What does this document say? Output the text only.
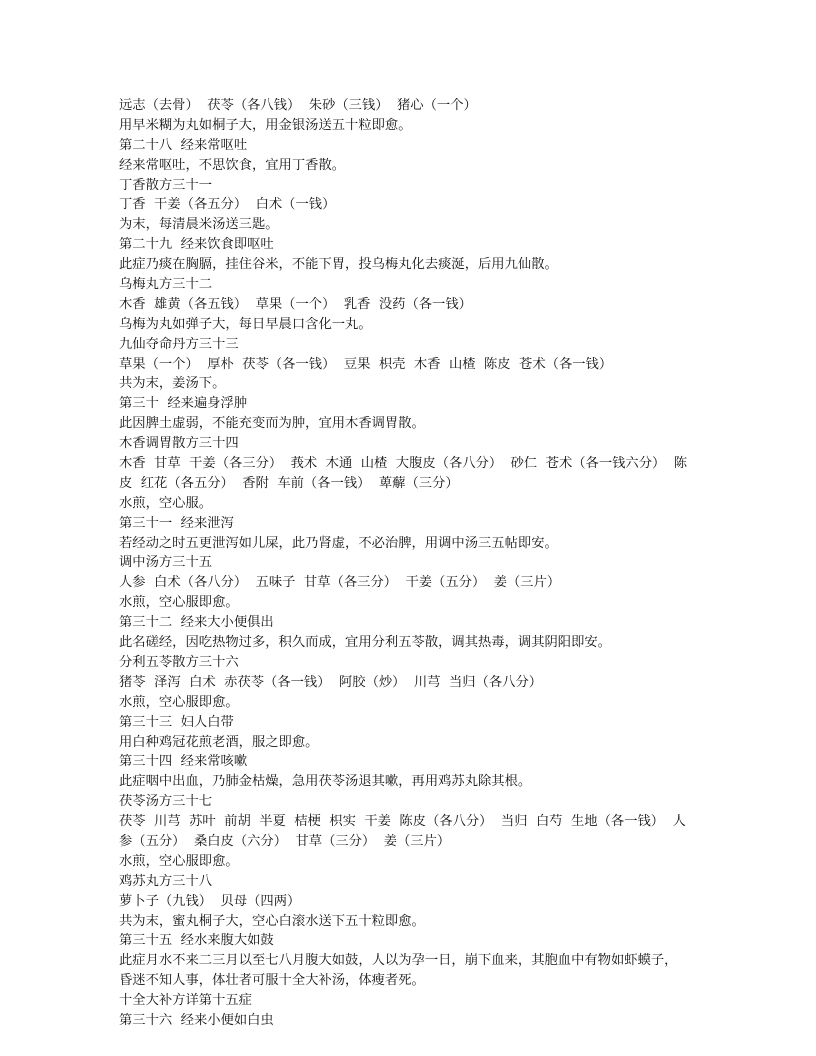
远志（去骨）  茯苓（各八钱）  朱砂（三钱）  猪心（一个）
用早米糊为丸如桐子大，用金银汤送五十粒即愈。
第二十八  经来常呕吐
经来常呕吐，不思饮食，宜用丁香散。
丁香散方三十一
丁香  干姜（各五分）  白术（一钱）
为末，每清晨米汤送三匙。
第二十九  经来饮食即呕吐
此症乃痰在胸膈，挂住谷米，不能下胃，投乌梅丸化去痰涎，后用九仙散。
乌梅丸方三十二
木香  雄黄（各五钱）  草果（一个）  乳香  没药（各一钱）
乌梅为丸如弹子大，每日早晨口含化一丸。
九仙夺命丹方三十三
草果（一个）  厚朴  茯苓（各一钱）  豆果  枳壳  木香  山楂  陈皮  苍术（各一钱）
共为末，姜汤下。
第三十  经来遍身浮肿
此因脾土虚弱，不能充变而为肿，宜用木香调胃散。
木香调胃散方三十四
木香  甘草  干姜（各三分）  莪术  木通  山楂  大腹皮（各八分）  砂仁  苍术（各一钱六分）  陈
皮  红花（各五分）  香附  车前（各一钱）  萆薢（三分）
水煎，空心服。
第三十一  经来泄泻
若经动之时五更泄泻如儿屎，此乃肾虚，不必治脾，用调中汤三五帖即安。
调中汤方三十五
人参  白术（各八分）  五味子  甘草（各三分）  干姜（五分）  姜（三片）
水煎，空心服即愈。
第三十二  经来大小便俱出
此名磋经，因吃热物过多，积久而成，宜用分利五苓散，调其热毒，调其阴阳即安。
分利五苓散方三十六
猪苓  泽泻  白术  赤茯苓（各一钱）  阿胶（炒）  川芎  当归（各八分）
水煎，空心服即愈。
第三十三  妇人白带
用白种鸡冠花煎老酒，服之即愈。
第三十四  经来常咳嗽
此症咽中出血，乃肺金枯燥，急用茯苓汤退其嗽，再用鸡苏丸除其根。
茯苓汤方三十七
茯苓  川芎  苏叶  前胡  半夏  桔梗  枳实  干姜  陈皮（各八分）  当归  白芍  生地（各一钱）  人
参（五分）  桑白皮（六分）  甘草（三分）  姜（三片）
水煎，空心服即愈。
鸡苏丸方三十八
萝卜子（九钱）  贝母（四两）
共为末，蜜丸桐子大，空心白滚水送下五十粒即愈。
第三十五  经水来腹大如鼓
此症月水不来二三月以至七八月腹大如鼓，人以为孕一日，崩下血来，其胞血中有物如虾蟆子，
昏迷不知人事，体壮者可服十全大补汤，体瘦者死。
十全大补方详第十五症
第三十六  经来小便如白虫
